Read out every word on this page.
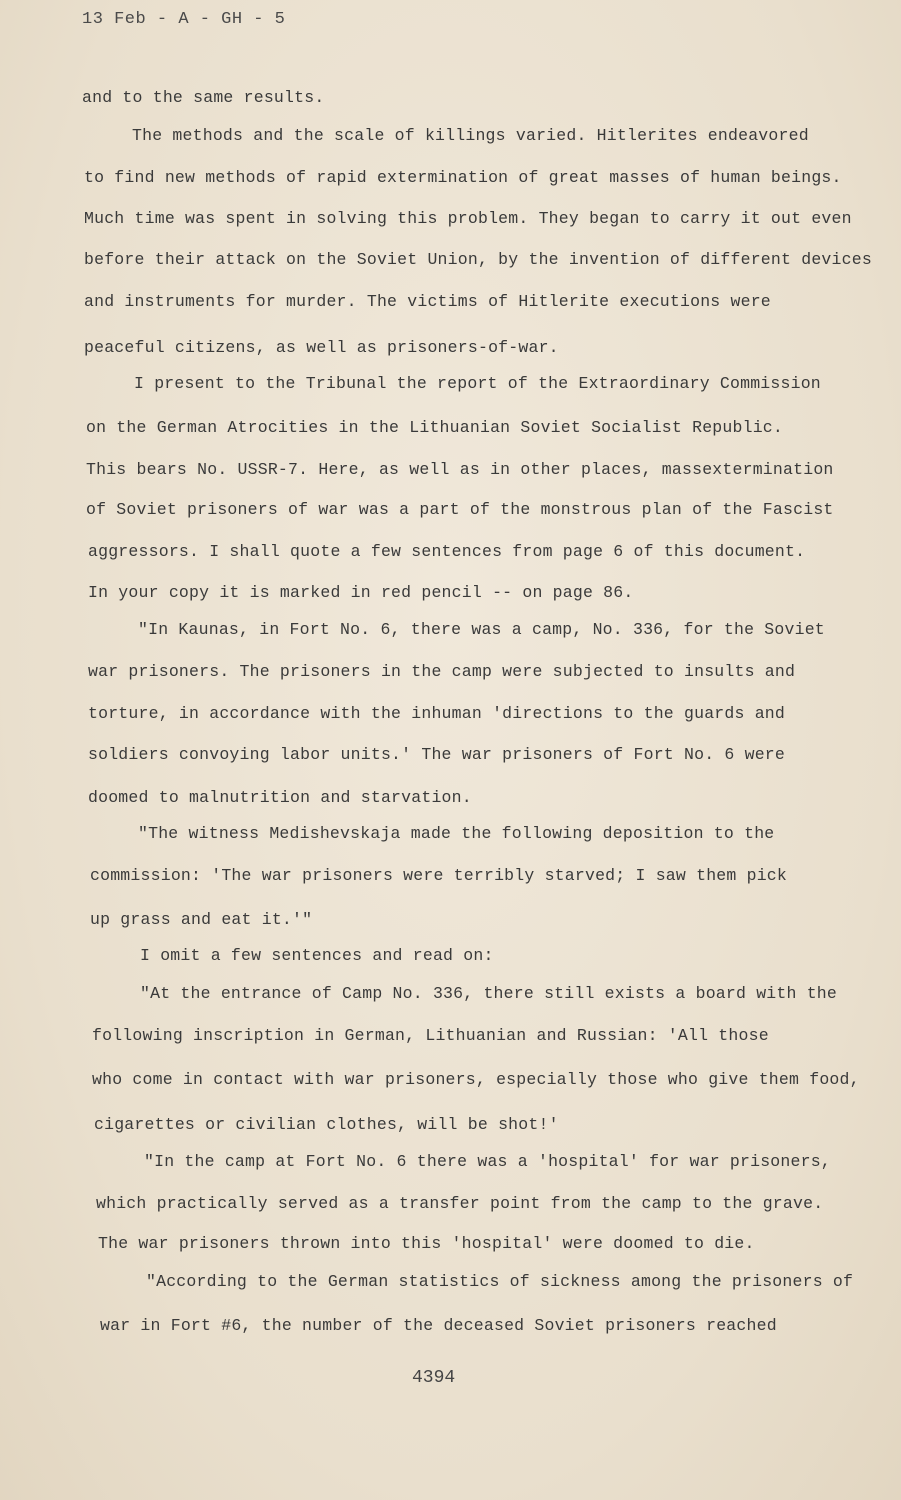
13 Feb - A - GH - 5
and to the same results.
The methods and the scale of killings varied. Hitlerites endeavored
to find new methods of rapid extermination of great masses of human beings.
Much time was spent in solving this problem. They began to carry it out even
before their attack on the Soviet Union, by the invention of different devices
and instruments for murder. The victims of Hitlerite executions were
peaceful citizens, as well as prisoners-of-war.
I present to the Tribunal the report of the Extraordinary Commission
on the German Atrocities in the Lithuanian Soviet Socialist Republic.
This bears No. USSR-7. Here, as well as in other places, massextermination
of Soviet prisoners of war was a part of the monstrous plan of the Fascist
aggressors. I shall quote a few sentences from page 6 of this document.
In your copy it is marked in red pencil -- on page 86.
"In Kaunas, in Fort No. 6, there was a camp, No. 336, for the Soviet
war prisoners. The prisoners in the camp were subjected to insults and
torture, in accordance with the inhuman 'directions to the guards and
soldiers convoying labor units.' The war prisoners of Fort No. 6 were
doomed to malnutrition and starvation.
"The witness Medishevskaja made the following deposition to the
commission: 'The war prisoners were terribly starved; I saw them pick
up grass and eat it.'"
I omit a few sentences and read on:
"At the entrance of Camp No. 336, there still exists a board with the
following inscription in German, Lithuanian and Russian: 'All those
who come in contact with war prisoners, especially those who give them food,
cigarettes or civilian clothes, will be shot!'
"In the camp at Fort No. 6 there was a 'hospital' for war prisoners,
which practically served as a transfer point from the camp to the grave.
The war prisoners thrown into this 'hospital' were doomed to die.
"According to the German statistics of sickness among the prisoners of
war in Fort #6, the number of the deceased Soviet prisoners reached
4394
